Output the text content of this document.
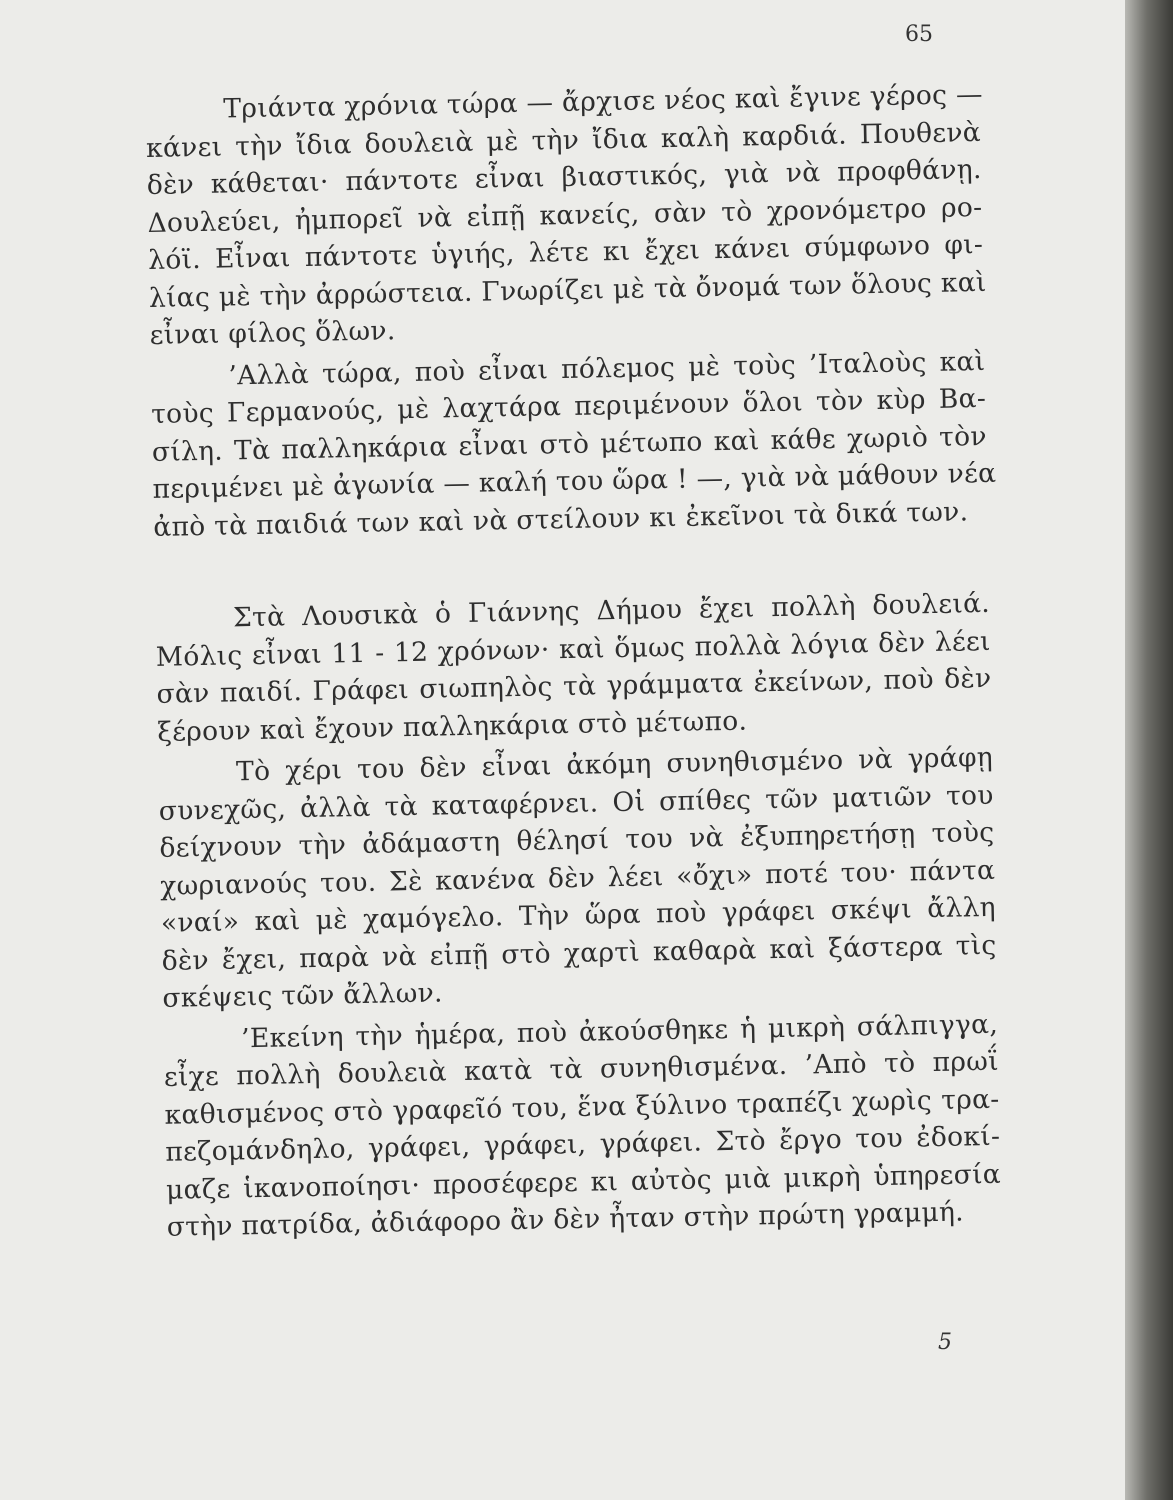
65
Τριάντα χρόνια τώρα — ἄρχισε νέος καὶ ἔγινε γέρος —
κάνει τὴν ἴδια δουλειὰ μὲ τὴν ἴδια καλὴ καρδιά. Πουθενὰ
δὲν κάθεται· πάντοτε εἶναι βιαστικός, γιὰ νὰ προφθάνῃ.
Δουλεύει, ἠμπορεῖ νὰ εἰπῇ κανείς, σὰν τὸ χρονόμετρο ρο-
λόϊ. Εἶναι πάντοτε ὑγιής, λέτε κι ἔχει κάνει σύμφωνο φι-
λίας μὲ τὴν ἀρρώστεια. Γνωρίζει μὲ τὰ ὄνομά των ὅλους καὶ
εἶναι φίλος ὅλων.
’Αλλὰ τώρα, ποὺ εἶναι πόλεμος μὲ τοὺς ’Ιταλοὺς καὶ
τοὺς Γερμανούς, μὲ λαχτάρα περιμένουν ὅλοι τὸν κὺρ Βα-
σίλη. Τὰ παλληκάρια εἶναι στὸ μέτωπο καὶ κάθε χωριὸ τὸν
περιμένει μὲ ἀγωνία — καλή του ὥρα ! —, γιὰ νὰ μάθουν νέα
ἀπὸ τὰ παιδιά των καὶ νὰ στείλουν κι ἐκεῖνοι τὰ δικά των.
Στὰ Λουσικὰ ὁ Γιάννης Δήμου ἔχει πολλὴ δουλειά.
Μόλις εἶναι 11 - 12 χρόνων· καὶ ὅμως πολλὰ λόγια δὲν λέει
σὰν παιδί. Γράφει σιωπηλὸς τὰ γράμματα ἐκείνων, ποὺ δὲν
ξέρουν καὶ ἔχουν παλληκάρια στὸ μέτωπο.
Τὸ χέρι του δὲν εἶναι ἀκόμη συνηθισμένο νὰ γράφῃ
συνεχῶς, ἀλλὰ τὰ καταφέρνει. Οἱ σπίθες τῶν ματιῶν του
δείχνουν τὴν ἀδάμαστη θέλησί του νὰ ἐξυπηρετήσῃ τοὺς
χωριανούς του. Σὲ κανένα δὲν λέει «ὄχι» ποτέ του· πάντα
«ναί» καὶ μὲ χαμόγελο. Τὴν ὥρα ποὺ γράφει σκέψι ἄλλη
δὲν ἔχει, παρὰ νὰ εἰπῇ στὸ χαρτὶ καθαρὰ καὶ ξάστερα τὶς
σκέψεις τῶν ἄλλων.
’Εκείνη τὴν ἡμέρα, ποὺ ἀκούσθηκε ἡ μικρὴ σάλπιγγα,
εἶχε πολλὴ δουλειὰ κατὰ τὰ συνηθισμένα. ’Απὸ τὸ πρωΐ
καθισμένος στὸ γραφεῖό του, ἕνα ξύλινο τραπέζι χωρὶς τρα-
πεζομάνδηλο, γράφει, γράφει, γράφει. Στὸ ἔργο του ἐδοκί-
μαζε ἱκανοποίησι· προσέφερε κι αὐτὸς μιὰ μικρὴ ὑπηρεσία
στὴν πατρίδα, ἀδιάφορο ἂν δὲν ἦταν στὴν πρώτη γραμμή.
5
